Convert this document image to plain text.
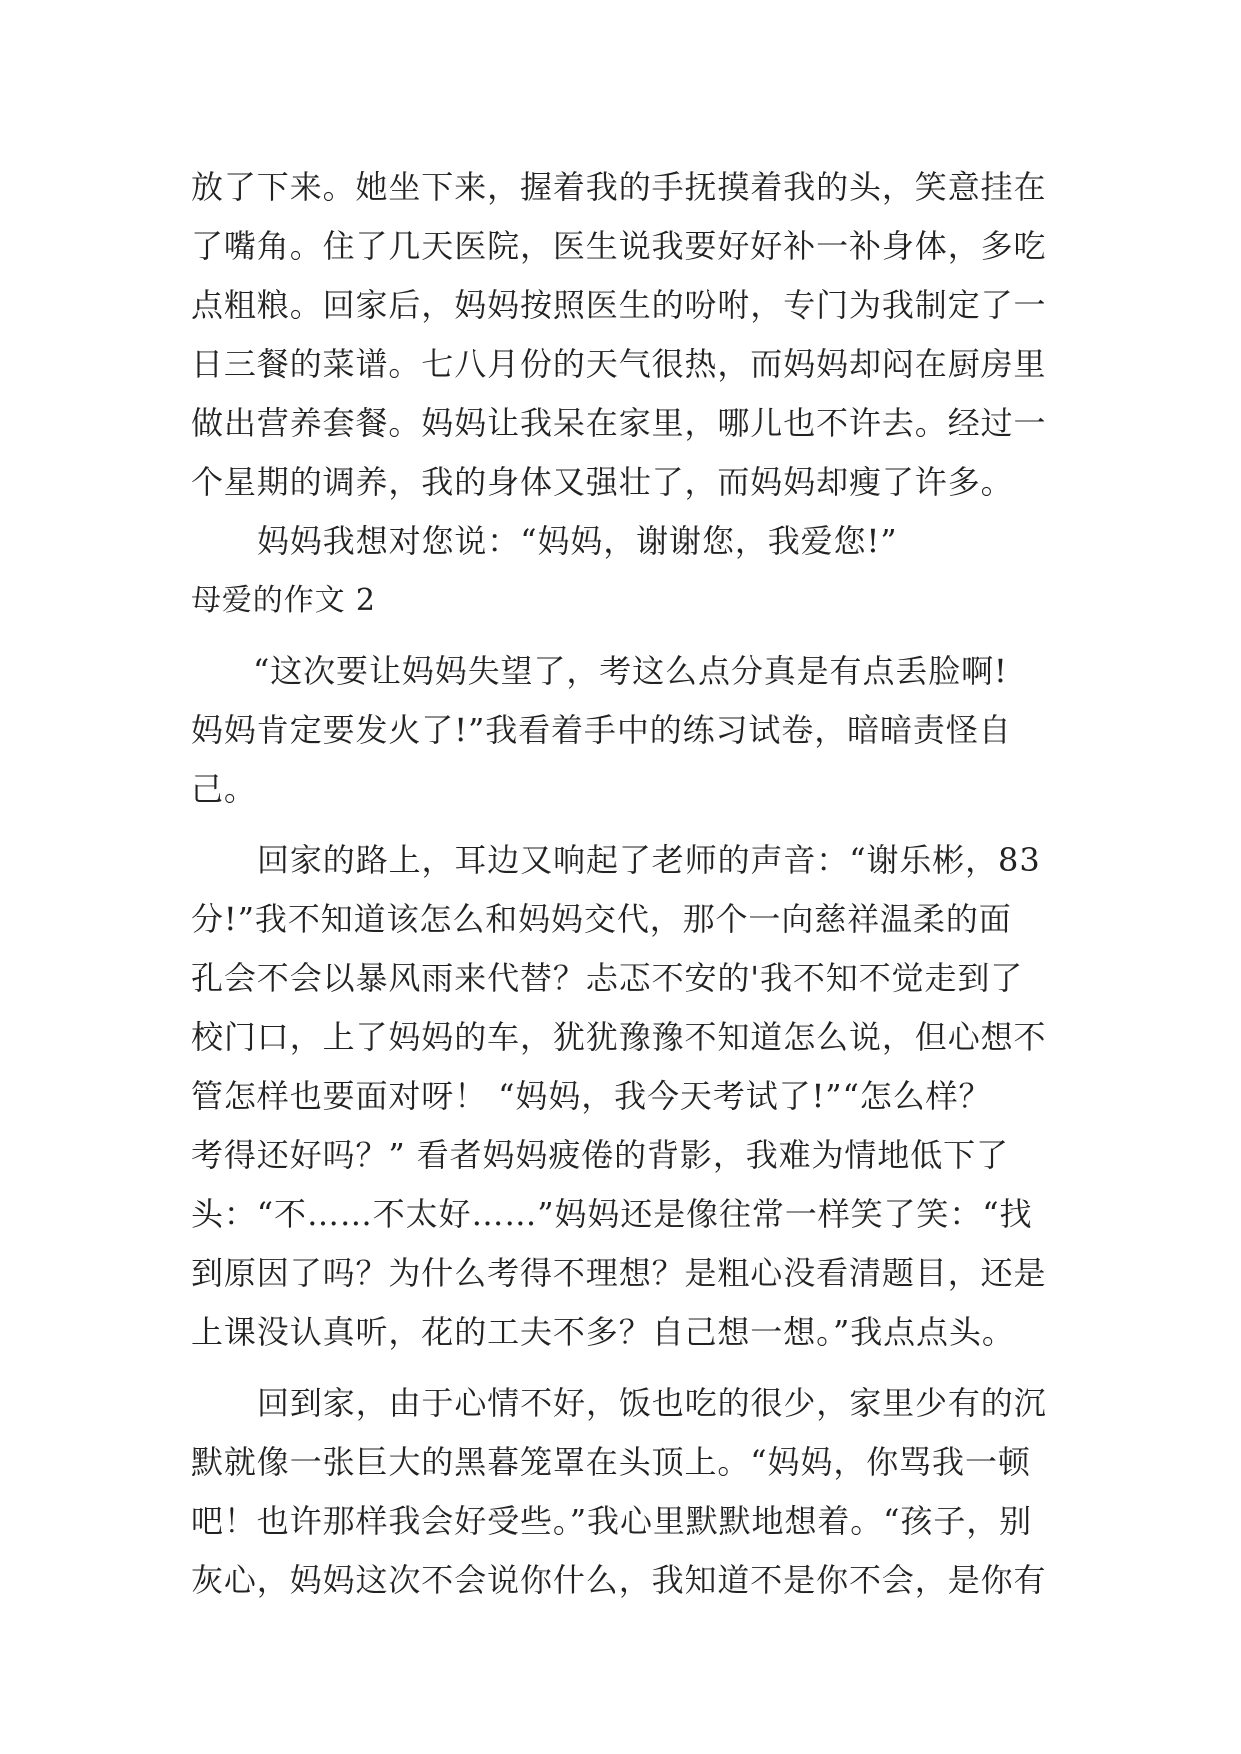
放了下来。她坐下来，握着我的手抚摸着我的头，笑意挂在
了嘴角。住了几天医院，医生说我要好好补一补身体，多吃
点粗粮。回家后，妈妈按照医生的吩咐，专门为我制定了一
日三餐的菜谱。七八月份的天气很热，而妈妈却闷在厨房里
做出营养套餐。妈妈让我呆在家里，哪儿也不许去。经过一
个星期的调养，我的身体又强壮了，而妈妈却瘦了许多。
妈妈我想对您说：“妈妈，谢谢您，我爱您!”
母爱的作文 2
“这次要让妈妈失望了，考这么点分真是有点丢脸啊!
妈妈肯定要发火了!”我看着手中的练习试卷，暗暗责怪自
己。
回家的路上，耳边又响起了老师的声音：“谢乐彬，83
分!”我不知道该怎么和妈妈交代，那个一向慈祥温柔的面
孔会不会以暴风雨来代替？忐忑不安的'我不知不觉走到了
校门口，上了妈妈的车，犹犹豫豫不知道怎么说，但心想不
管怎样也要面对呀！ “妈妈，我今天考试了!”“怎么样？
考得还好吗？” 看者妈妈疲倦的背影，我难为情地低下了
头：“不……不太好……”妈妈还是像往常一样笑了笑：“找
到原因了吗？为什么考得不理想？是粗心没看清题目，还是
上课没认真听，花的工夫不多？自己想一想。”我点点头。
回到家，由于心情不好，饭也吃的很少，家里少有的沉
默就像一张巨大的黑暮笼罩在头顶上。“妈妈，你骂我一顿
吧！也许那样我会好受些。”我心里默默地想着。“孩子，别
灰心，妈妈这次不会说你什么，我知道不是你不会，是你有
